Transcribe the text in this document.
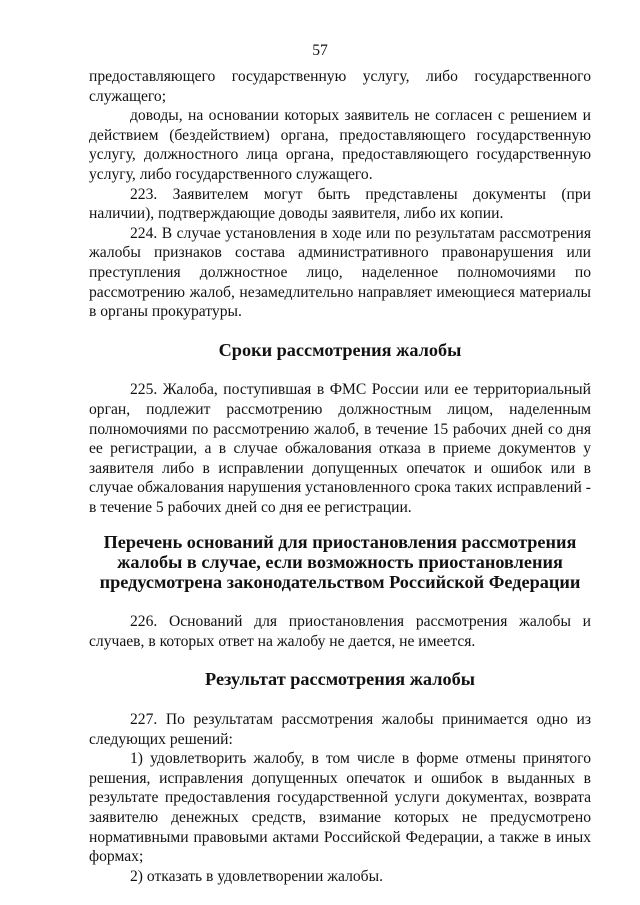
57

предоставляющего государственную услугу, либо государственного служащего;

доводы, на основании которых заявитель не согласен с решением и действием (бездействием) органа, предоставляющего государственную услугу, должностного лица органа, предоставляющего государственную услугу, либо государственного служащего.

223. Заявителем могут быть представлены документы (при наличии), подтверждающие доводы заявителя, либо их копии.

224. В случае установления в ходе или по результатам рассмотрения жалобы признаков состава административного правонарушения или преступления должностное лицо, наделенное полномочиями по рассмотрению жалоб, незамедлительно направляет имеющиеся материалы в органы прокуратуры.

Сроки рассмотрения жалобы

225. Жалоба, поступившая в ФМС России или ее территориальный орган, подлежит рассмотрению должностным лицом, наделенным полномочиями по рассмотрению жалоб, в течение 15 рабочих дней со дня ее регистрации, а в случае обжалования отказа в приеме документов у заявителя либо в исправлении допущенных опечаток и ошибок или в случае обжалования нарушения установленного срока таких исправлений - в течение 5 рабочих дней со дня ее регистрации.

Перечень оснований для приостановления рассмотрения жалобы в случае, если возможность приостановления предусмотрена законодательством Российской Федерации

226. Оснований для приостановления рассмотрения жалобы и случаев, в которых ответ на жалобу не дается, не имеется.

Результат рассмотрения жалобы

227. По результатам рассмотрения жалобы принимается одно из следующих решений:

1) удовлетворить жалобу, в том числе в форме отмены принятого решения, исправления допущенных опечаток и ошибок в выданных в результате предоставления государственной услуги документах, возврата заявителю денежных средств, взимание которых не предусмотрено нормативными правовыми актами Российской Федерации, а также в иных формах;

2) отказать в удовлетворении жалобы.
